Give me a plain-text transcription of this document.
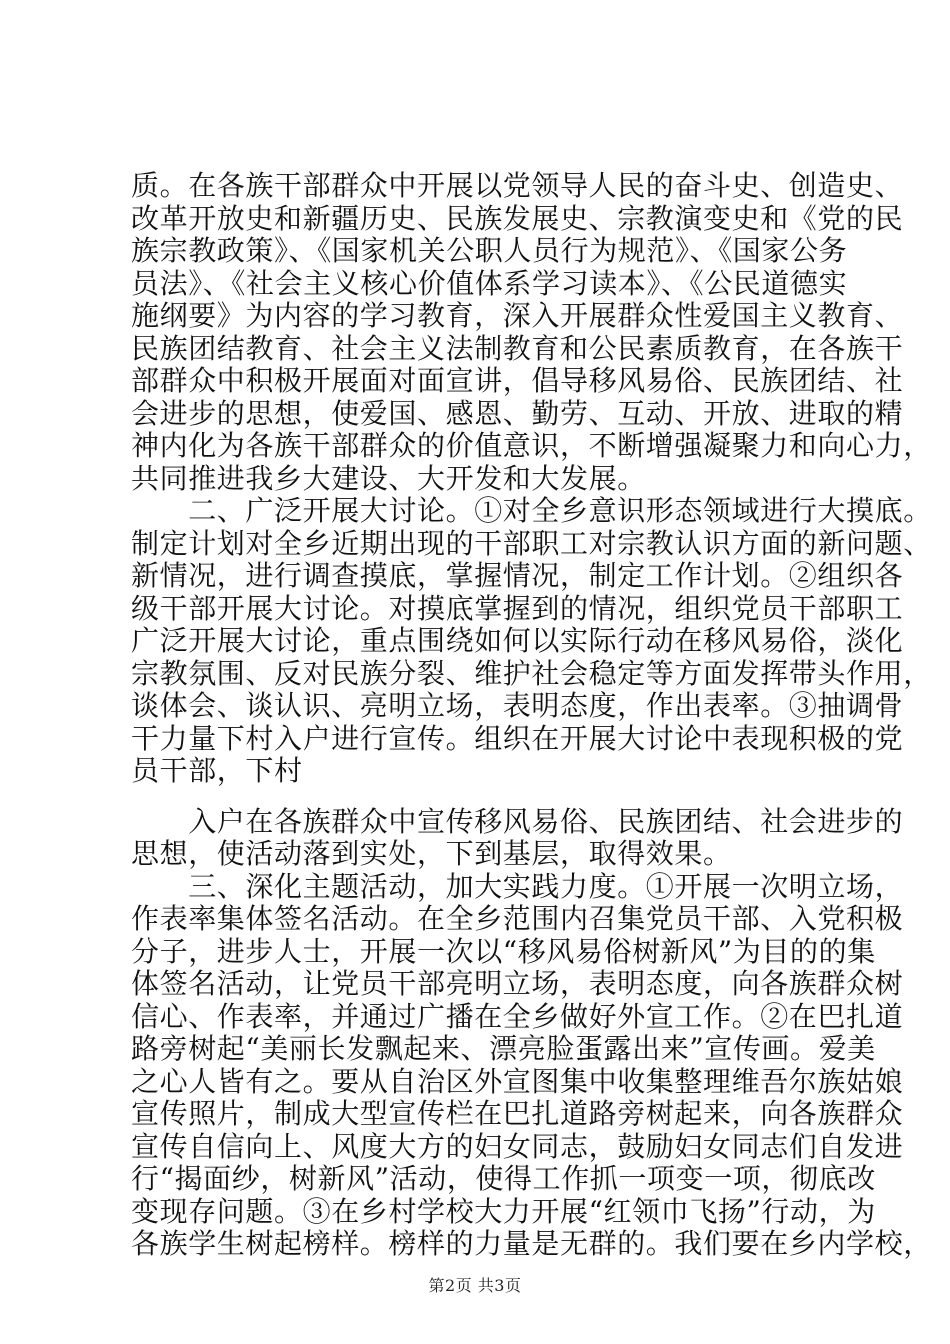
质。在各族干部群众中开展以党领导人民的奋斗史、创造史、
改革开放史和新疆历史、民族发展史、宗教演变史和《党的民
族宗教政策》、《国家机关公职人员行为规范》、《国家公务
员法》、《社会主义核心价值体系学习读本》、《公民道德实
施纲要》为内容的学习教育，深入开展群众性爱国主义教育、
民族团结教育、社会主义法制教育和公民素质教育，在各族干
部群众中积极开展面对面宣讲，倡导移风易俗、民族团结、社
会进步的思想，使爱国、感恩、勤劳、互动、开放、进取的精
神内化为各族干部群众的价值意识，不断增强凝聚力和向心力，
共同推进我乡大建设、大开发和大发展。
　　二、广泛开展大讨论。①对全乡意识形态领域进行大摸底。
制定计划对全乡近期出现的干部职工对宗教认识方面的新问题、
新情况，进行调查摸底，掌握情况，制定工作计划。②组织各
级干部开展大讨论。对摸底掌握到的情况，组织党员干部职工
广泛开展大讨论，重点围绕如何以实际行动在移风易俗，淡化
宗教氛围、反对民族分裂、维护社会稳定等方面发挥带头作用，
谈体会、谈认识、亮明立场，表明态度，作出表率。③抽调骨
干力量下村入户进行宣传。组织在开展大讨论中表现积极的党
员干部，下村
　　入户在各族群众中宣传移风易俗、民族团结、社会进步的
思想，使活动落到实处，下到基层，取得效果。
　　三、深化主题活动，加大实践力度。①开展一次明立场，
作表率集体签名活动。在全乡范围内召集党员干部、入党积极
分子，进步人士，开展一次以“移风易俗树新风”为目的的集
体签名活动，让党员干部亮明立场，表明态度，向各族群众树
信心、作表率，并通过广播在全乡做好外宣工作。②在巴扎道
路旁树起“美丽长发飘起来、漂亮脸蛋露出来”宣传画。爱美
之心人皆有之。要从自治区外宣图集中收集整理维吾尔族姑娘
宣传照片，制成大型宣传栏在巴扎道路旁树起来，向各族群众
宣传自信向上、风度大方的妇女同志，鼓励妇女同志们自发进
行“揭面纱，树新风”活动，使得工作抓一项变一项，彻底改
变现存问题。③在乡村学校大力开展“红领巾飞扬”行动，为
各族学生树起榜样。榜样的力量是无群的。我们要在乡内学校，
第2页 共3页
